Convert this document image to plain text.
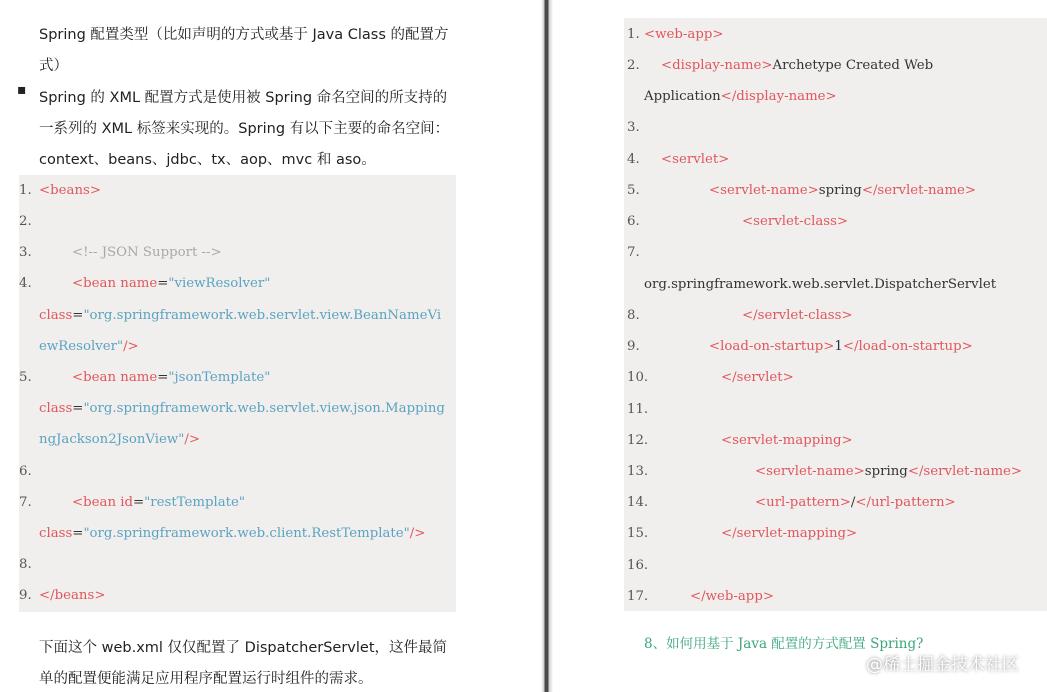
Spring 配置类型（比如声明的方式或基于 Java Class 的配置方式）
▪ Spring 的 XML 配置方式是使用被 Spring 命名空间的所支持的一系列的 XML 标签来实现的。Spring 有以下主要的命名空间：context、beans、jdbc、tx、aop、mvc 和 aso。
1. <beans>
2.
3.	<!-- JSON Support -->
4.	<bean name="viewResolver"
class="org.springframework.web.servlet.view.BeanNameVi
ewResolver"/>
5.	<bean name="jsonTemplate"
class="org.springframework.web.servlet.view.json.Mapping
ngJackson2JsonView"/>
6.
7.	<bean id="restTemplate"
class="org.springframework.web.client.RestTemplate"/>
8.
9. </beans>
下面这个 web.xml 仅仅配置了 DispatcherServlet，这件最简单的配置便能满足应用程序配置运行时组件的需求。
1. <web-app>
2. <display-name>Archetype Created Web
Application</display-name>
3.
4. <servlet>
5.	<servlet-name>spring</servlet-name>
6.	<servlet-class>
7.
org.springframework.web.servlet.DispatcherServlet
8.	</servlet-class>
9.	<load-on-startup>1</load-on-startup>
10.	</servlet>
11.
12.	<servlet-mapping>
13.	<servlet-name>spring</servlet-name>
14.	<url-pattern>/</url-pattern>
15.	</servlet-mapping>
16.
17.	</web-app>
8、如何用基于 Java 配置的方式配置 Spring?
@稀土掘金技术社区
